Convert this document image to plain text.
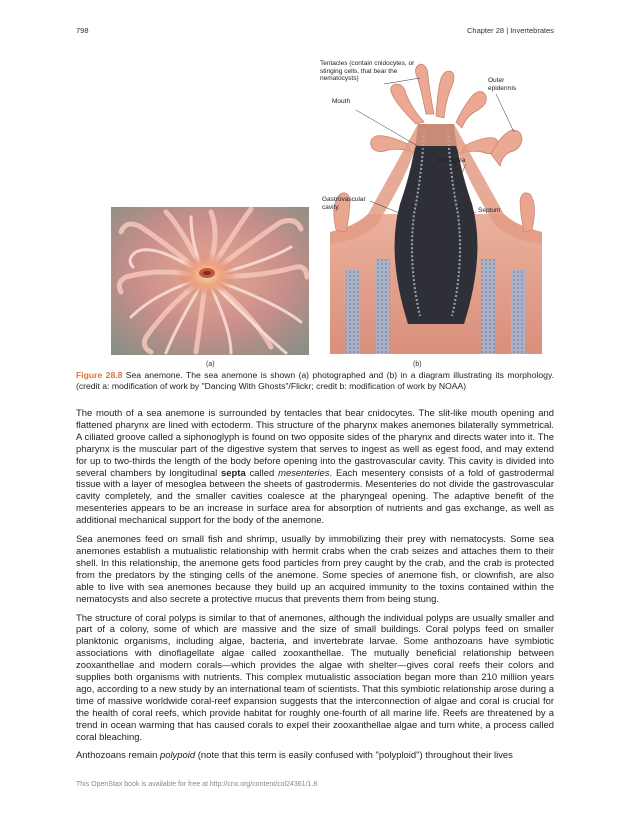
798	Chapter 28 | Invertebrates
Tentacles (contain cnidocytes, or stinging cells, that bear the nematocysts)	Outer epidermis
Mouth
Mesoglea
Gastrovascular cavity	Septum
(a)	(b)
Figure 28.8 Sea anemone. The sea anemone is shown (a) photographed and (b) in a diagram illustrating its morphology. (credit a: modification of work by "Dancing With Ghosts"/Flickr; credit b: modification of work by NOAA)

The mouth of a sea anemone is surrounded by tentacles that bear cnidocytes. The slit-like mouth opening and flattened pharynx are lined with ectoderm. This structure of the pharynx makes anemones bilaterally symmetrical. A ciliated groove called a siphonoglyph is found on two opposite sides of the pharynx and directs water into it. The pharynx is the muscular part of the digestive system that serves to ingest as well as egest food, and may extend for up to two-thirds the length of the body before opening into the gastrovascular cavity. This cavity is divided into several chambers by longitudinal septa called mesenteries. Each mesentery consists of a fold of gastrodermal tissue with a layer of mesoglea between the sheets of gastrodermis. Mesenteries do not divide the gastrovascular cavity completely, and the smaller cavities coalesce at the pharyngeal opening. The adaptive benefit of the mesenteries appears to be an increase in surface area for absorption of nutrients and gas exchange, as well as additional mechanical support for the body of the anemone.

Sea anemones feed on small fish and shrimp, usually by immobilizing their prey with nematocysts. Some sea anemones establish a mutualistic relationship with hermit crabs when the crab seizes and attaches them to their shell. In this relationship, the anemone gets food particles from prey caught by the crab, and the crab is protected from the predators by the stinging cells of the anemone. Some species of anemone fish, or clownfish, are also able to live with sea anemones because they build up an acquired immunity to the toxins contained within the nematocysts and also secrete a protective mucus that prevents them from being stung.

The structure of coral polyps is similar to that of anemones, although the individual polyps are usually smaller and part of a colony, some of which are massive and the size of small buildings. Coral polyps feed on smaller planktonic organisms, including algae, bacteria, and invertebrate larvae. Some anthozoans have symbiotic associations with dinoflagellate algae called zooxanthellae. The mutually beneficial relationship between zooxanthellae and modern corals—which provides the algae with shelter—gives coral reefs their colors and supplies both organisms with nutrients. This complex mutualistic association began more than 210 million years ago, according to a new study by an international team of scientists. That this symbiotic relationship arose during a time of massive worldwide coral-reef expansion suggests that the interconnection of algae and coral is crucial for the health of coral reefs, which provide habitat for roughly one-fourth of all marine life. Reefs are threatened by a trend in ocean warming that has caused corals to expel their zooxanthellae algae and turn white, a process called coral bleaching.

Anthozoans remain polypoid (note that this term is easily confused with "polyploid") throughout their lives

This OpenStax book is available for free at http://cnx.org/content/col24361/1.8
